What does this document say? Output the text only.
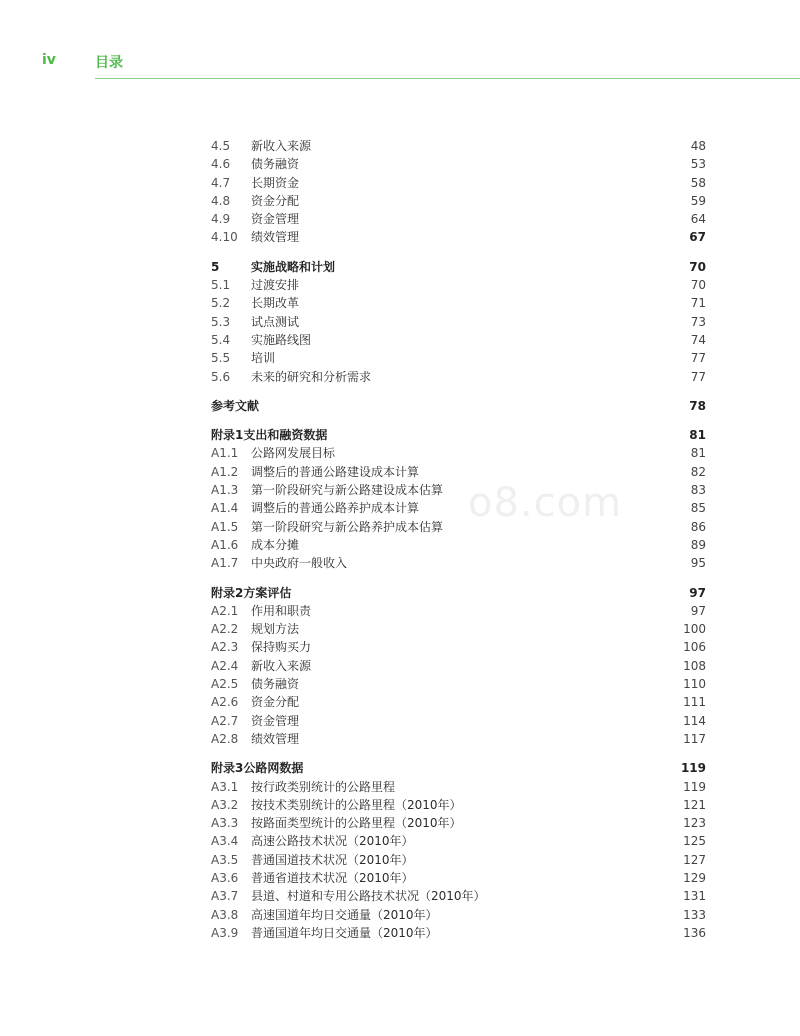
iv	目录
o8.com
4.5 新收入来源	48
4.6 债务融资	53
4.7 长期资金	58
4.8 资金分配	59
4.9 资金管理	64
4.10 绩效管理	67
5	实施战略和计划	70
5.1 过渡安排	70
5.2 长期改革	71
5.3 试点测试	73
5.4 实施路线图	74
5.5 培训	77
5.6 未来的研究和分析需求	77
参考文献	78
附录1支出和融资数据	81
A1.1 公路网发展目标	81
A1.2 调整后的普通公路建设成本计算	82
A1.3 第一阶段研究与新公路建设成本估算	83
A1.4 调整后的普通公路养护成本计算	85
A1.5 第一阶段研究与新公路养护成本估算	86
A1.6 成本分摊	89
A1.7 中央政府一般收入	95
附录2方案评估	97
A2.1 作用和职责	97
A2.2 规划方法	100
A2.3 保持购买力	106
A2.4 新收入来源	108
A2.5 债务融资	110
A2.6 资金分配	111
A2.7 资金管理	114
A2.8 绩效管理	117
附录3公路网数据	119
A3.1 按行政类别统计的公路里程	119
A3.2 按技术类别统计的公路里程（2010年）	121
A3.3 按路面类型统计的公路里程（2010年）	123
A3.4 高速公路技术状况（2010年）	125
A3.5 普通国道技术状况（2010年）	127
A3.6 普通省道技术状况（2010年）	129
A3.7 县道、村道和专用公路技术状况（2010年）	131
A3.8 高速国道年均日交通量（2010年）	133
A3.9 普通国道年均日交通量（2010年）	136
